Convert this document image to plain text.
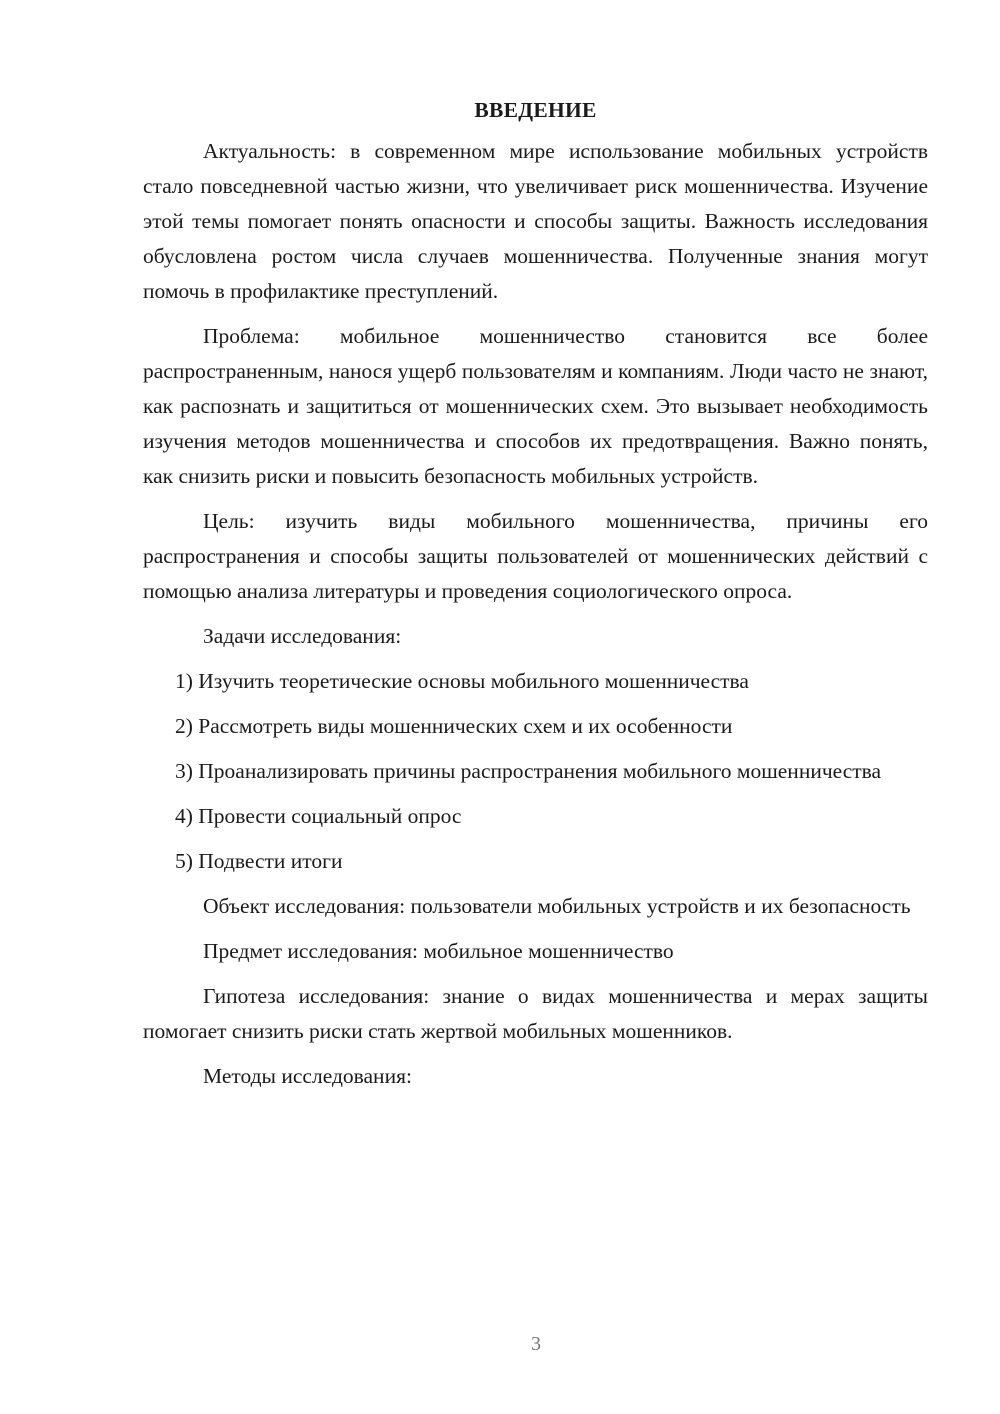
ВВЕДЕНИЕ

Актуальность: в современном мире использование мобильных устройств стало повседневной частью жизни, что увеличивает риск мошенничества. Изучение этой темы помогает понять опасности и способы защиты. Важность исследования обусловлена ростом числа случаев мошенничества. Полученные знания могут помочь в профилактике преступлений.

Проблема: мобильное мошенничество становится все более распространенным, нанося ущерб пользователям и компаниям. Люди часто не знают, как распознать и защититься от мошеннических схем. Это вызывает необходимость изучения методов мошенничества и способов их предотвращения. Важно понять, как снизить риски и повысить безопасность мобильных устройств.

Цель: изучить виды мобильного мошенничества, причины его распространения и способы защиты пользователей от мошеннических действий с помощью анализа литературы и проведения социологического опроса.

Задачи исследования:

1) Изучить теоретические основы мобильного мошенничества

2) Рассмотреть виды мошеннических схем и их особенности

3) Проанализировать причины распространения мобильного мошенничества

4) Провести социальный опрос

5) Подвести итоги

Объект исследования: пользователи мобильных устройств и их безопасность

Предмет исследования: мобильное мошенничество

Гипотеза исследования: знание о видах мошенничества и мерах защиты помогает снизить риски стать жертвой мобильных мошенников.

Методы исследования:

3
